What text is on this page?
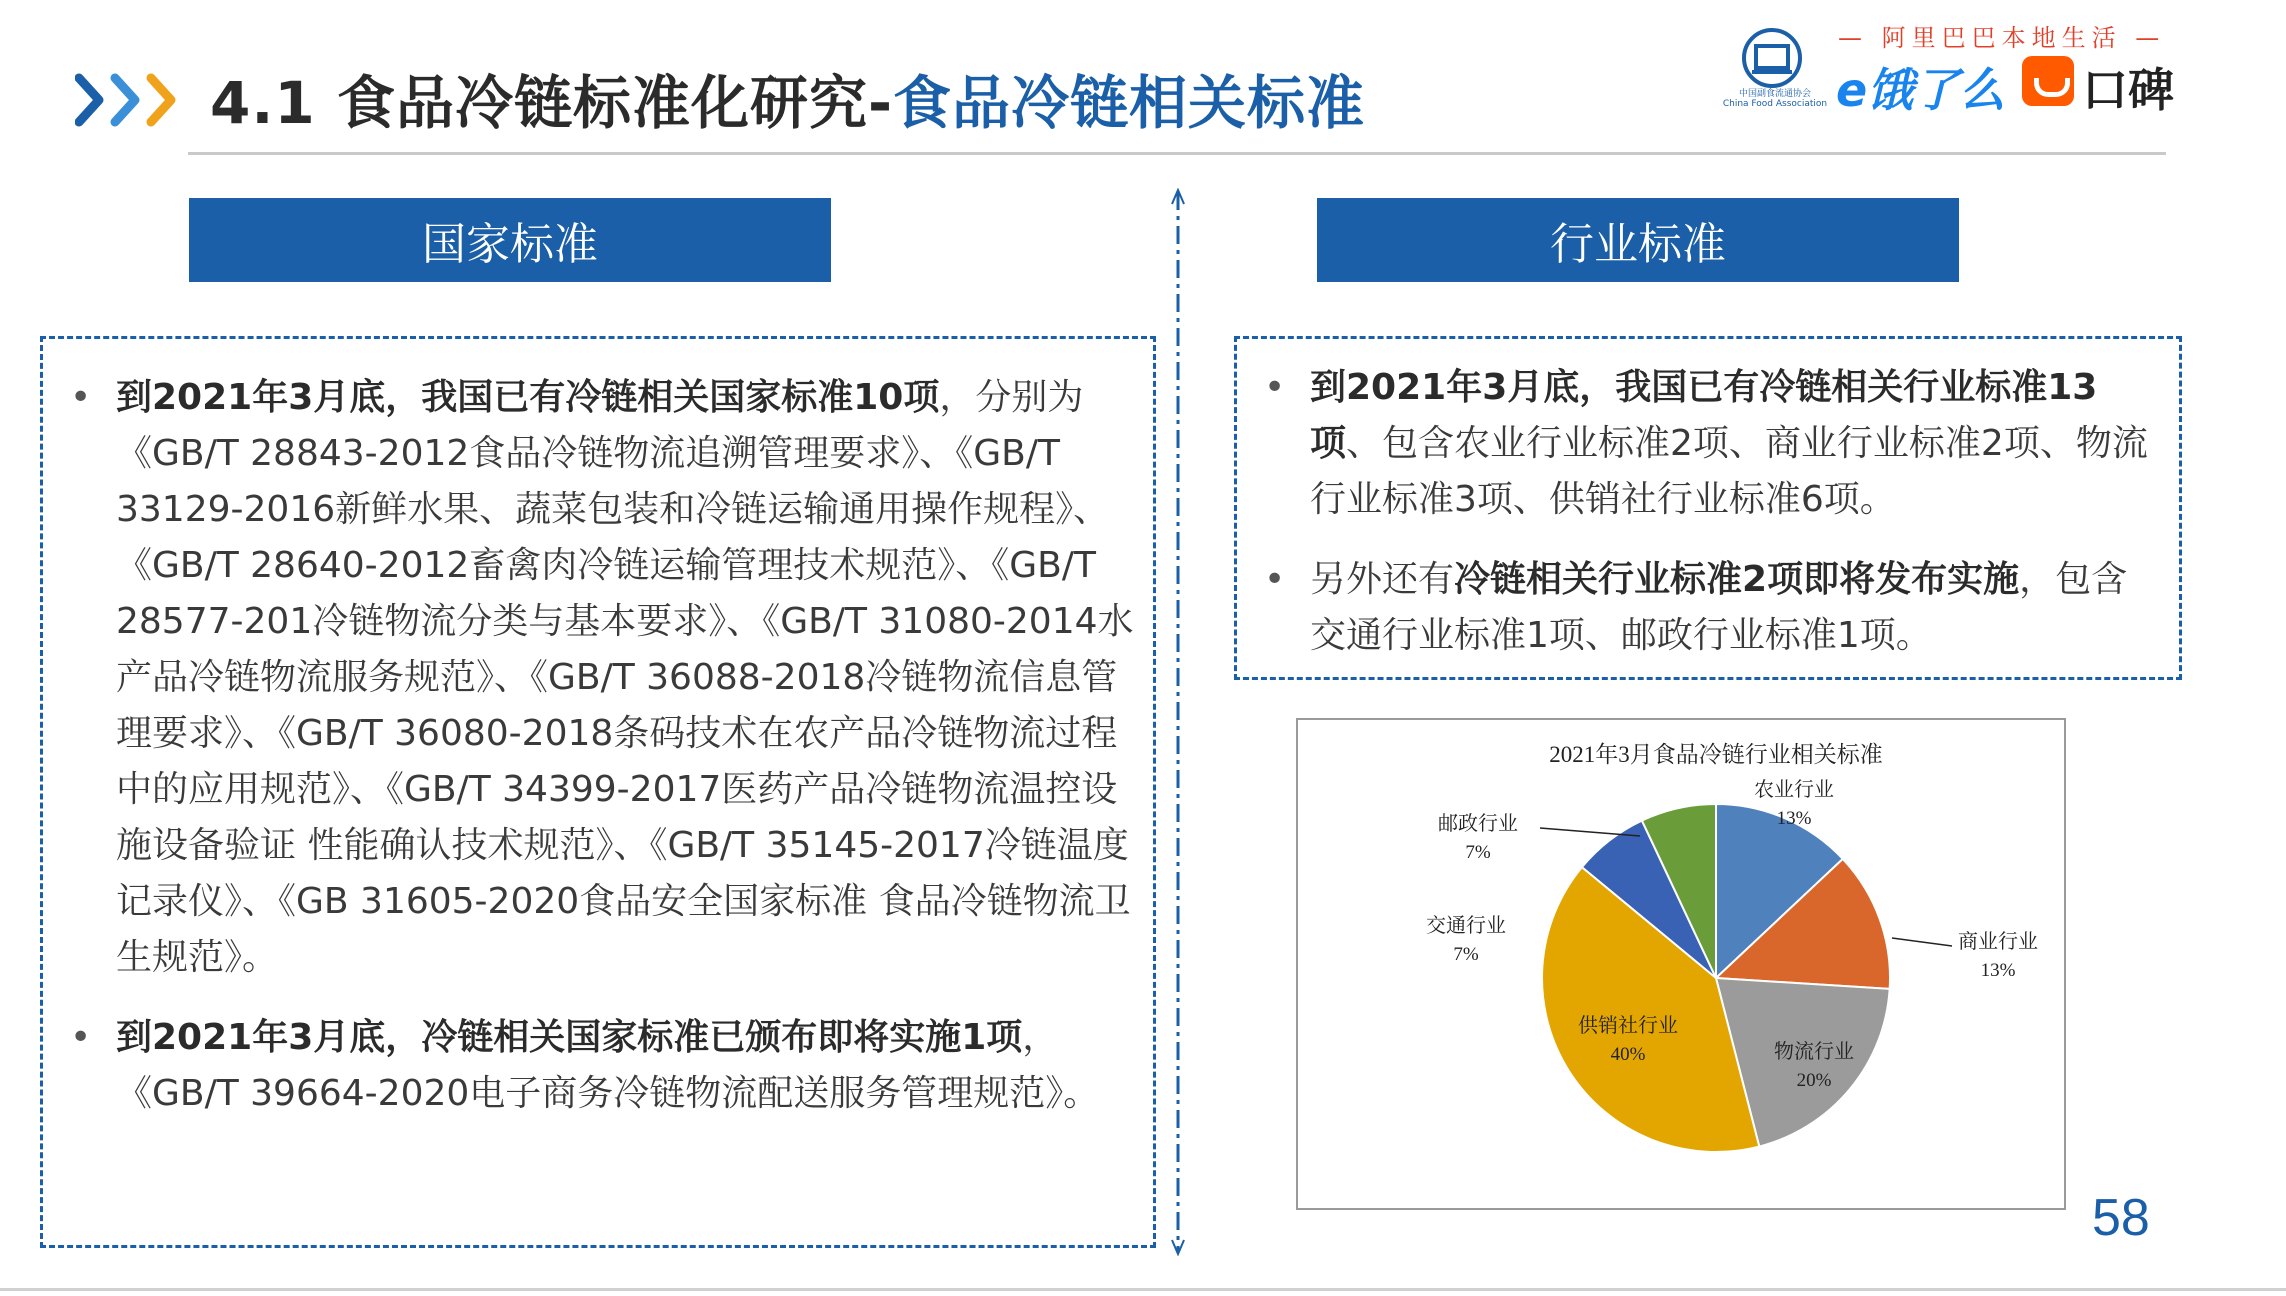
4.1 食品冷链标准化研究-食品冷链相关标准	中国副食流通协会
China Food Association
— 阿里巴巴本地生活 —
e饿了么 口碑
国家标准	行业标准
• 到2021年3月底，我国已有冷链相关国家标准10项，分别为《GB/T 28843-2012食品冷链物流追溯管理要求》、《GB/T 33129-2016新鲜水果、蔬菜包装和冷链运输通用操作规程》、《GB/T 28640-2012畜禽肉冷链运输管理技术规范》、《GB/T 28577-201冷链物流分类与基本要求》、《GB/T 31080-2014水产品冷链物流服务规范》、《GB/T 36088-2018冷链物流信息管理要求》、《GB/T 36080-2018条码技术在农产品冷链物流过程中的应用规范》、《GB/T 34399-2017医药产品冷链物流温控设施设备验证 性能确认技术规范》、《GB/T 35145-2017冷链温度记录仪》、《GB 31605-2020食品安全国家标准 食品冷链物流卫生规范》。
• 到2021年3月底，冷链相关国家标准已颁布即将实施1项，《GB/T 39664-2020电子商务冷链物流配送服务管理规范》。
• 到2021年3月底，我国已有冷链相关行业标准13项、包含农业行业标准2项、商业行业标准2项、物流行业标准3项、供销社行业标准6项。
• 另外还有冷链相关行业标准2项即将发布实施，包含交通行业标准1项、邮政行业标准1项。
2021年3月食品冷链行业相关标准
农业行业
13%
商业行业
13%
物流行业
20%
供销社行业
40%
交通行业
7%
邮政行业
7%
58
